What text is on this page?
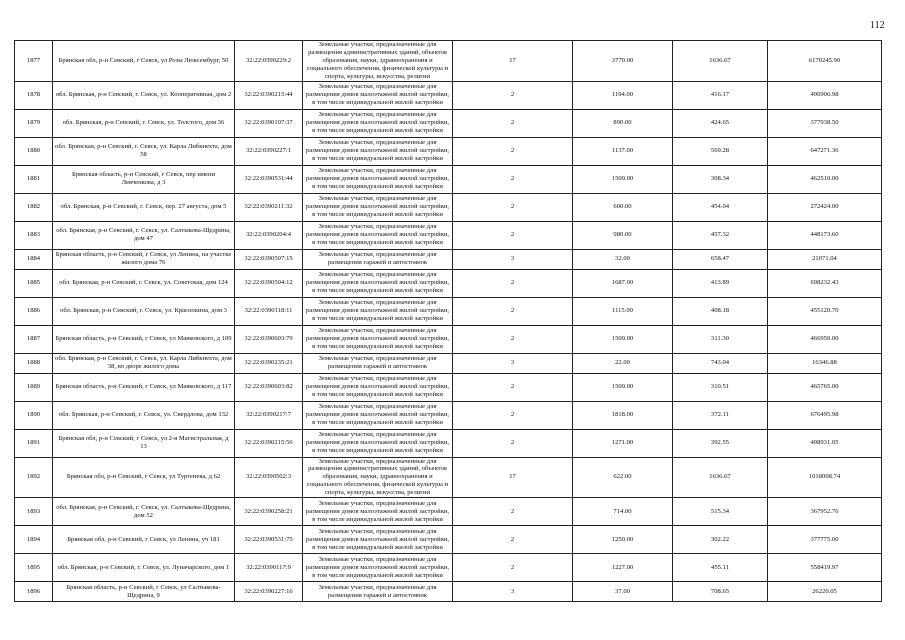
112
1877	Брянская обл, р-н Севский, г Севск, ул Розы Люксембург, 50	32:22:0390229:2	Земельные участки, предназначенные для размещения административных зданий, объектов образования, науки, здравоохранения и социального обеспечения, физической культуры и спорта, культуры, искусства, религии	17	3770.00	1636.67	6170245.90
1878	обл. Брянская, р-н Севский, г. Севск, ул. Кооперативная, дом 2	32:22:0390215:44	Земельные участки, предназначенные для размещения домов малоэтажной жилой застройки, в том числе индивидуальной жилой застройки	2	1194.00	416.17	496906.98
1879	обл. Брянская, р-н Севский, г. Севск, ул. Толстого, дом 36	32:22:0390107:37	Земельные участки, предназначенные для размещения домов малоэтажной жилой застройки, в том числе индивидуальной жилой застройки	2	890.00	424.65	377938.50
1880	обл. Брянская, р-н Севский, г. Севск, ул. Карла Либкнехта, дом 58	32:22:0390227:1	Земельные участки, предназначенные для размещения домов малоэтажной жилой застройки, в том числе индивидуальной жилой застройки	2	1137.00	569.28	647271.36
1881	Брянская область, р-н Севский, г Севск, пер имени Левченкова, д 3	32:22:0390531:44	Земельные участки, предназначенные для размещения домов малоэтажной жилой застройки, в том числе индивидуальной жилой застройки	2	1500.00	308.34	462510.00
1882	обл. Брянская, р-н Севский, г. Севск, пер. 27 августа, дом 5	32:22:0390211:32	Земельные участки, предназначенные для размещения домов малоэтажной жилой застройки, в том числе индивидуальной жилой застройки	2	600.00	454.04	272424.00
1883	обл. Брянская, р-н Севский, г. Севск, ул. Салтыкова-Щедрина, дом 47	32:22:0390204:4	Земельные участки, предназначенные для размещения домов малоэтажной жилой застройки, в том числе индивидуальной жилой застройки	2	980.00	457.32	448173.60
1884	Брянская область, р-н Севский, г Севск, ул Ленина, на участке жилого дома 76	32:22:0390507:15	Земельные участки, предназначенные для размещения гаражей и автостоянок	3	32.00	658.47	21071.04
1885	обл. Брянская, р-н Севский, г. Севск, ул. Советская, дом 124	32:22:0390504:12	Земельные участки, предназначенные для размещения домов малоэтажной жилой застройки, в том числе индивидуальной жилой застройки	2	1687.00	413.89	698232.43
1886	обл. Брянская, р-н Севский, г. Севск, ул. Красопкина, дом 3	32:22:0390118:11	Земельные участки, предназначенные для размещения домов малоэтажной жилой застройки, в том числе индивидуальной жилой застройки	2	1115.00	408.18	455120.70
1887	Брянская область, р-н Севский, г Севск, ул Маяковского, д 109	32:22:0390603:79	Земельные участки, предназначенные для размещения домов малоэтажной жилой застройки, в том числе индивидуальной жилой застройки	2	1500.00	311.30	466950.00
1888	обл. Брянская, р-н Севский, г. Севск, ул. Карла Либкнехта, дом 38, во дворе жилого дома	32:22:0390235:21	Земельные участки, предназначенные для размещения гаражей и автостоянок	3	22.00	743.04	16346.88
1889	Брянская область, р-н Севский, г Севск, ул Маяковского, д 117	32:22:0390603:82	Земельные участки, предназначенные для размещения домов малоэтажной жилой застройки, в том числе индивидуальной жилой застройки	2	1500.00	310.51	465765.00
1890	обл. Брянская, р-н Севский, г. Севск, ул. Свердлова, дом 132	32:22:0390217:7	Земельные участки, предназначенные для размещения домов малоэтажной жилой застройки, в том числе индивидуальной жилой застройки	2	1818.00	372.11	676495.98
1891	Брянская обл, р-н Севский, г Севск, ул 2-я Магистральная, д 13	32:22:0390215:56	Земельные участки, предназначенные для размещения домов малоэтажной жилой застройки, в том числе индивидуальной жилой застройки	2	1271.00	392.55	498931.05
1892	Брянская обл, р-н Севский, г Севск, ул Тургенева, д 62	32:22:0390502:3	Земельные участки, предназначенные для размещения административных зданий, объектов образования, науки, здравоохранения и социального обеспечения, физической культуры и спорта, культуры, искусства, религии	17	622.00	1636.67	1018008.74
1893	обл. Брянская, р-н Севский, г. Севск, ул. Салтыкова-Щедрина, дом 52	32:22:0390258:21	Земельные участки, предназначенные для размещения домов малоэтажной жилой застройки, в том числе индивидуальной жилой застройки	2	714.00	515.34	367952.76
1894	Брянская обл, р-н Севский, г Севск, ул Ленина, уч 181	32:22:0390531:75	Земельные участки, предназначенные для размещения домов малоэтажной жилой застройки, в том числе индивидуальной жилой застройки	2	1250.00	302.22	377775.00
1895	обл. Брянская, р-н Севский, г. Севск, ул. Луначарского, дом 1	32:22:0390117:9	Земельные участки, предназначенные для размещения домов малоэтажной жилой застройки, в том числе индивидуальной жилой застройки	2	1227.00	455.11	558419.97
1896	Брянская область, р-н Севский, г Севск, ул Салтыкова-Щедрина, 9	32:22:0390227:16	Земельные участки, предназначенные для размещения гаражей и автостоянок	3	37.00	708.65	26220.05
